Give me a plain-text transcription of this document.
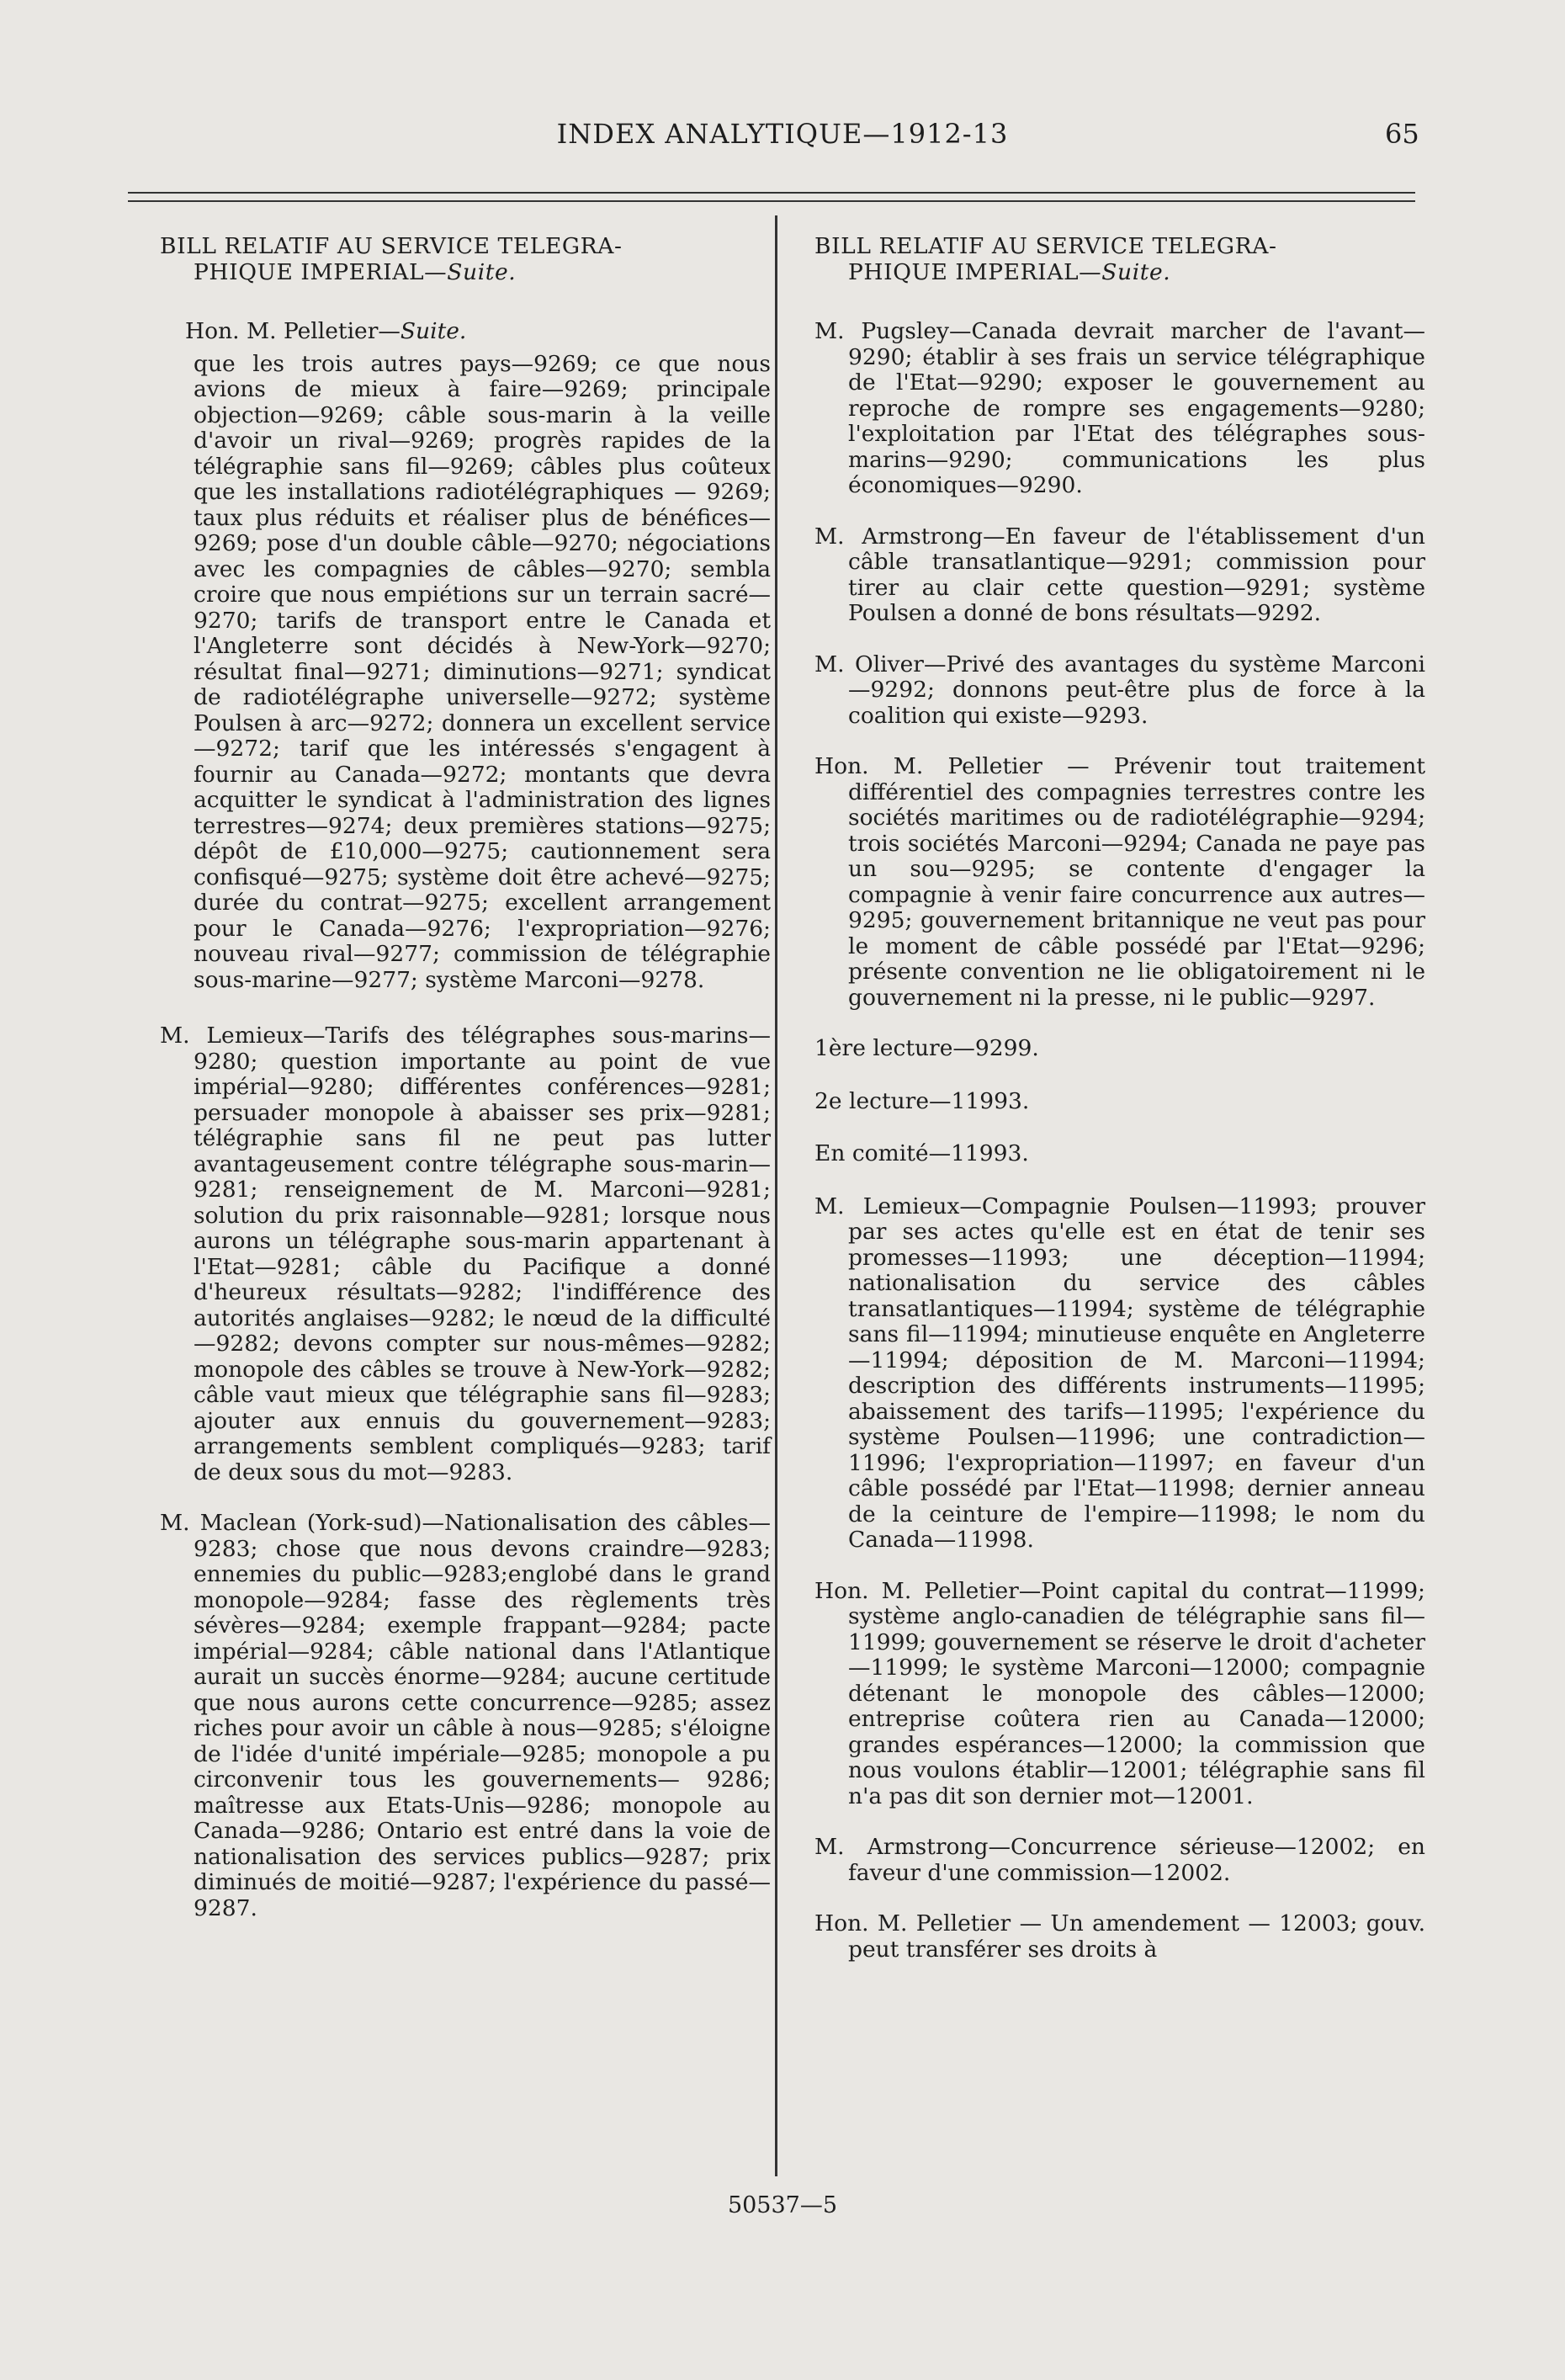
INDEX ANALYTIQUE—1912-13	65
BILL RELATIF AU SERVICE TELEGRA-
PHIQUE IMPERIAL—Suite.
Hon. M. Pelletier—Suite.

que les trois autres pays—9269; ce que nous avions de mieux à faire—9269; principale objection—9269; câble sous-marin à la veille d'avoir un rival—9269; progrès rapides de la télégraphie sans fil—9269; câbles plus coûteux que les installations radiotélégraphiques — 9269; taux plus réduits et réaliser plus de bénéfices—9269; pose d'un double câble—9270; négociations avec les compagnies de câbles—9270; sembla croire que nous empiétions sur un terrain sacré—9270; tarifs de transport entre le Canada et l'Angleterre sont décidés à New-York—9270; résultat final—9271; diminutions—9271; syndicat de radiotélégraphe universelle—9272; système Poulsen à arc—9272; donnera un excellent service—9272; tarif que les intéressés s'engagent à fournir au Canada—9272; montants que devra acquitter le syndicat à l'administration des lignes terrestres—9274; deux premières stations—9275; dépôt de £10,000—9275; cautionnement sera confisqué—9275; système doit être achevé—9275; durée du contrat—9275; excellent arrangement pour le Canada—9276; l'expropriation—9276; nouveau rival—9277; commission de télégraphie sous-marine—9277; système Marconi—9278.

M. Lemieux—Tarifs des télégraphes sous-marins—9280; question importante au point de vue impérial—9280; différentes conférences—9281; persuader monopole à abaisser ses prix—9281; télégraphie sans fil ne peut pas lutter avantageusement contre télégraphe sous-marin—9281; renseignement de M. Marconi—9281; solution du prix raisonnable—9281; lorsque nous aurons un télégraphe sous-marin appartenant à l'Etat—9281; câble du Pacifique a donné d'heureux résultats—9282; l'indifférence des autorités anglaises—9282; le nœud de la difficulté—9282; devons compter sur nous-mêmes—9282; monopole des câbles se trouve à New-York—9282; câble vaut mieux que télégraphie sans fil—9283; ajouter aux ennuis du gouvernement—9283; arrangements semblent compliqués—9283; tarif de deux sous du mot—9283.

M. Maclean (York-sud)—Nationalisation des câbles—9283; chose que nous devons craindre—9283; ennemies du public—9283;englobé dans le grand monopole—9284; fasse des règlements très sévères—9284; exemple frappant—9284; pacte impérial—9284; câble national dans l'Atlantique aurait un succès énorme—9284; aucune certitude que nous aurons cette concurrence—9285; assez riches pour avoir un câble à nous—9285; s'éloigne de l'idée d'unité impériale—9285; monopole a pu circonvenir tous les gouvernements— 9286; maîtresse aux Etats-Unis—9286; monopole au Canada—9286; Ontario est entré dans la voie de nationalisation des services publics—9287; prix diminués de moitié—9287; l'expérience du passé—9287.

BILL RELATIF AU SERVICE TELEGRA-
PHIQUE IMPERIAL—Suite.

M. Pugsley—Canada devrait marcher de l'avant—9290; établir à ses frais un service télégraphique de l'Etat—9290; exposer le gouvernement au reproche de rompre ses engagements—9280; l'exploitation par l'Etat des télégraphes sous-marins—9290; communications les plus économiques—9290.

M. Armstrong—En faveur de l'établissement d'un câble transatlantique—9291; commission pour tirer au clair cette question—9291; système Poulsen a donné de bons résultats—9292.

M. Oliver—Privé des avantages du système Marconi—9292; donnons peut-être plus de force à la coalition qui existe—9293.

Hon. M. Pelletier — Prévenir tout traitement différentiel des compagnies terrestres contre les sociétés maritimes ou de radiotélégraphie—9294; trois sociétés Marconi—9294; Canada ne paye pas un sou—9295; se contente d'engager la compagnie à venir faire concurrence aux autres—9295; gouvernement britannique ne veut pas pour le moment de câble possédé par l'Etat—9296; présente convention ne lie obligatoirement ni le gouvernement ni la presse, ni le public—9297.

1ère lecture—9299.

2e lecture—11993.

En comité—11993.

M. Lemieux—Compagnie Poulsen—11993; prouver par ses actes qu'elle est en état de tenir ses promesses—11993; une déception—11994; nationalisation du service des câbles transatlantiques—11994; système de télégraphie sans fil—11994; minutieuse enquête en Angleterre—11994; déposition de M. Marconi—11994; description des différents instruments—11995; abaissement des tarifs—11995; l'expérience du système Poulsen—11996; une contradiction—11996; l'expropriation—11997; en faveur d'un câble possédé par l'Etat—11998; dernier anneau de la ceinture de l'empire—11998; le nom du Canada—11998.

Hon. M. Pelletier—Point capital du contrat—11999; système anglo-canadien de télégraphie sans fil—11999; gouvernement se réserve le droit d'acheter—11999; le système Marconi—12000; compagnie détenant le monopole des câbles—12000; entreprise coûtera rien au Canada—12000; grandes espérances—12000; la commission que nous voulons établir—12001; télégraphie sans fil n'a pas dit son dernier mot—12001.

M. Armstrong—Concurrence sérieuse—12002; en faveur d'une commission—12002.

Hon. M. Pelletier — Un amendement — 12003; gouv. peut transférer ses droits à

50537—5
